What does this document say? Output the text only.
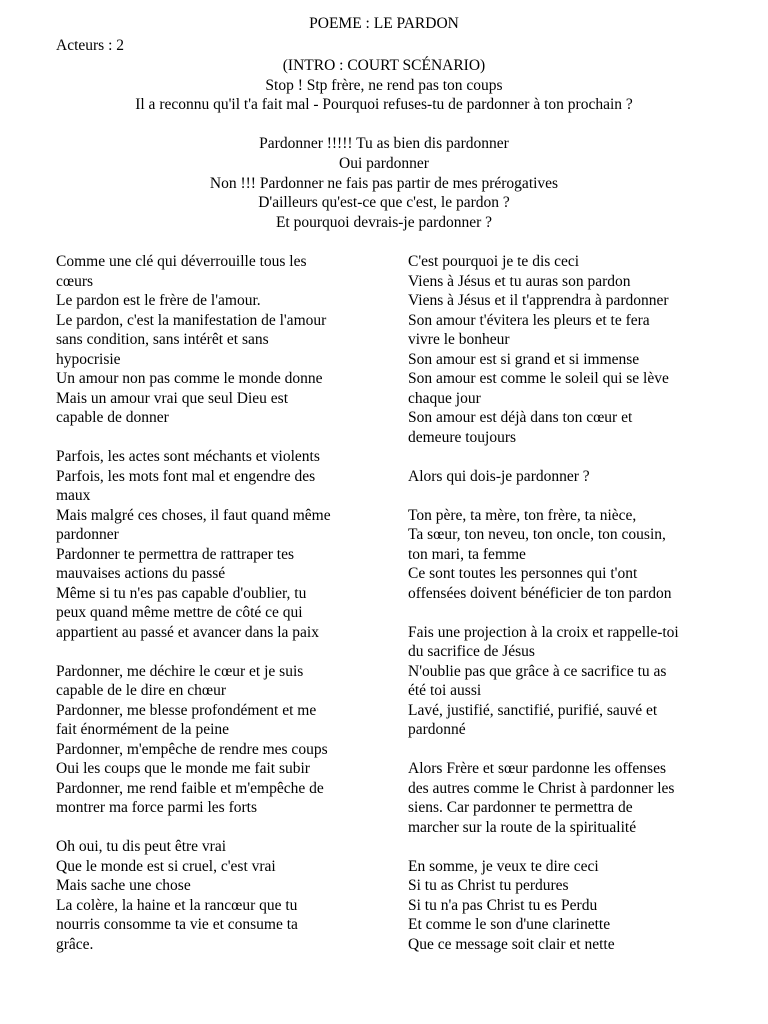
POEME : LE PARDON
Acteurs : 2
(INTRO : COURT SCÉNARIO)
Stop ! Stp frère, ne rend pas ton coups
Il a reconnu qu'il t'a fait mal - Pourquoi refuses-tu de pardonner à ton prochain ?
Pardonner !!!!! Tu as bien dis pardonner
Oui pardonner
Non !!! Pardonner ne fais pas partir de mes prérogatives
D'ailleurs qu'est-ce que c'est, le pardon ?
Et pourquoi devrais-je pardonner ?
Comme une clé qui déverrouille tous les
cœurs
Le pardon est le frère de l'amour.
Le pardon, c'est la manifestation de l'amour
sans condition, sans intérêt et sans
hypocrisie
Un amour non pas comme le monde donne
Mais un amour vrai que seul Dieu est
capable de donner
Parfois, les actes sont méchants et violents
Parfois, les mots font mal et engendre des
maux
Mais malgré ces choses, il faut quand même
pardonner
Pardonner te permettra de rattraper tes
mauvaises actions du passé
Même si tu n'es pas capable d'oublier, tu
peux quand même mettre de côté ce qui
appartient au passé et avancer dans la paix
Pardonner, me déchire le cœur et je suis
capable de le dire en chœur
Pardonner, me blesse profondément et me
fait énormément de la peine
Pardonner, m'empêche de rendre mes coups
Oui les coups que le monde me fait subir
Pardonner, me rend faible et m'empêche de
montrer ma force parmi les forts
Oh oui, tu dis peut être vrai
Que le monde est si cruel, c'est vrai
Mais sache une chose
La colère, la haine et la rancœur que tu
nourris consomme ta vie et consume ta
grâce.
C'est pourquoi je te dis ceci
Viens à Jésus et tu auras son pardon
Viens à Jésus et il t'apprendra à pardonner
Son amour t'évitera les pleurs et te fera
vivre le bonheur
Son amour est si grand et si immense
Son amour est comme le soleil qui se lève
chaque jour
Son amour est déjà dans ton cœur et
demeure toujours
Alors qui dois-je pardonner ?
Ton père, ta mère, ton frère, ta nièce,
Ta sœur, ton neveu, ton oncle, ton cousin,
ton mari, ta femme
Ce sont toutes les personnes qui t'ont
offensées doivent bénéficier de ton pardon
Fais une projection à la croix et rappelle-toi
du sacrifice de Jésus
N'oublie pas que grâce à ce sacrifice tu as
été toi aussi
Lavé, justifié, sanctifié, purifié, sauvé et
pardonné
Alors Frère et sœur pardonne les offenses
des autres comme le Christ à pardonner les
siens. Car pardonner te permettra de
marcher sur la route de la spiritualité
En somme, je veux te dire ceci
Si tu as Christ tu perdures
Si tu n'a pas Christ tu es Perdu
Et comme le son d'une clarinette
Que ce message soit clair et nette
